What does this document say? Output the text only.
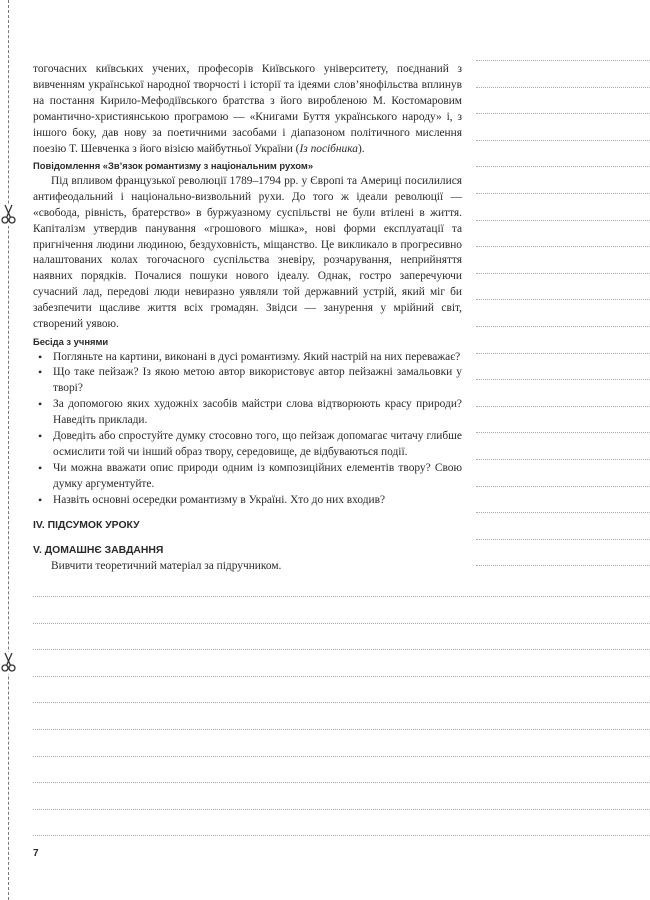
тогочасних київських учених, професорів Київського університету, поєднаний з вивченням української народної творчості і історії та ідеями слов’янофільства вплинув на постання Кирило-Мефодіївського братства з його виробленою М. Костомаровим романтично-християнською програмою — «Книгами Буття українського народу» і, з іншого боку, дав нову за поетичними засобами і діапазоном політичного мислення поезію Т. Шевченка з його візією майбутньої України (Із посібника).

Повідомлення «Зв’язок романтизму з національним рухом»

Під впливом французької революції 1789–1794 рр. у Європі та Америці посилилися антифеодальний і національно-визвольний рухи. До того ж ідеали революції — «свобода, рівність, братерство» в буржуазному суспільстві не були втілені в життя. Капіталізм утвердив панування «грошового мішка», нові форми експлуатації та пригнічення людини людиною, бездуховність, міщанство. Це викликало в прогресивно налаштованих колах тогочасного суспільства зневіру, розчарування, неприйняття наявних порядків. Почалися пошуки нового ідеалу. Однак, гостро заперечуючи сучасний лад, передові люди невиразно уявляли той державний устрій, який міг би забезпечити щасливе життя всіх громадян. Звідси — занурення у мрійний світ, створений уявою.

Бесіда з учнями
• Погляньте на картини, виконані в дусі романтизму. Який настрій на них переважає?
• Що таке пейзаж? Із якою метою автор використовує автор пейзажні замальовки у творі?
• За допомогою яких художніх засобів майстри слова відтворюють красу природи? Наведіть приклади.
• Доведіть або спростуйте думку стосовно того, що пейзаж допомагає читачу глибше осмислити той чи інший образ твору, середовище, де відбуваються події.
• Чи можна вважати опис природи одним із композиційних елементів твору? Свою думку аргументуйте.
• Назвіть основні осередки романтизму в Україні. Хто до них входив?
IV. ПІДСУМОК УРОКУ
V. ДОМАШНЄ ЗАВДАННЯ

Вивчити теоретичний матеріал за підручником.

7
